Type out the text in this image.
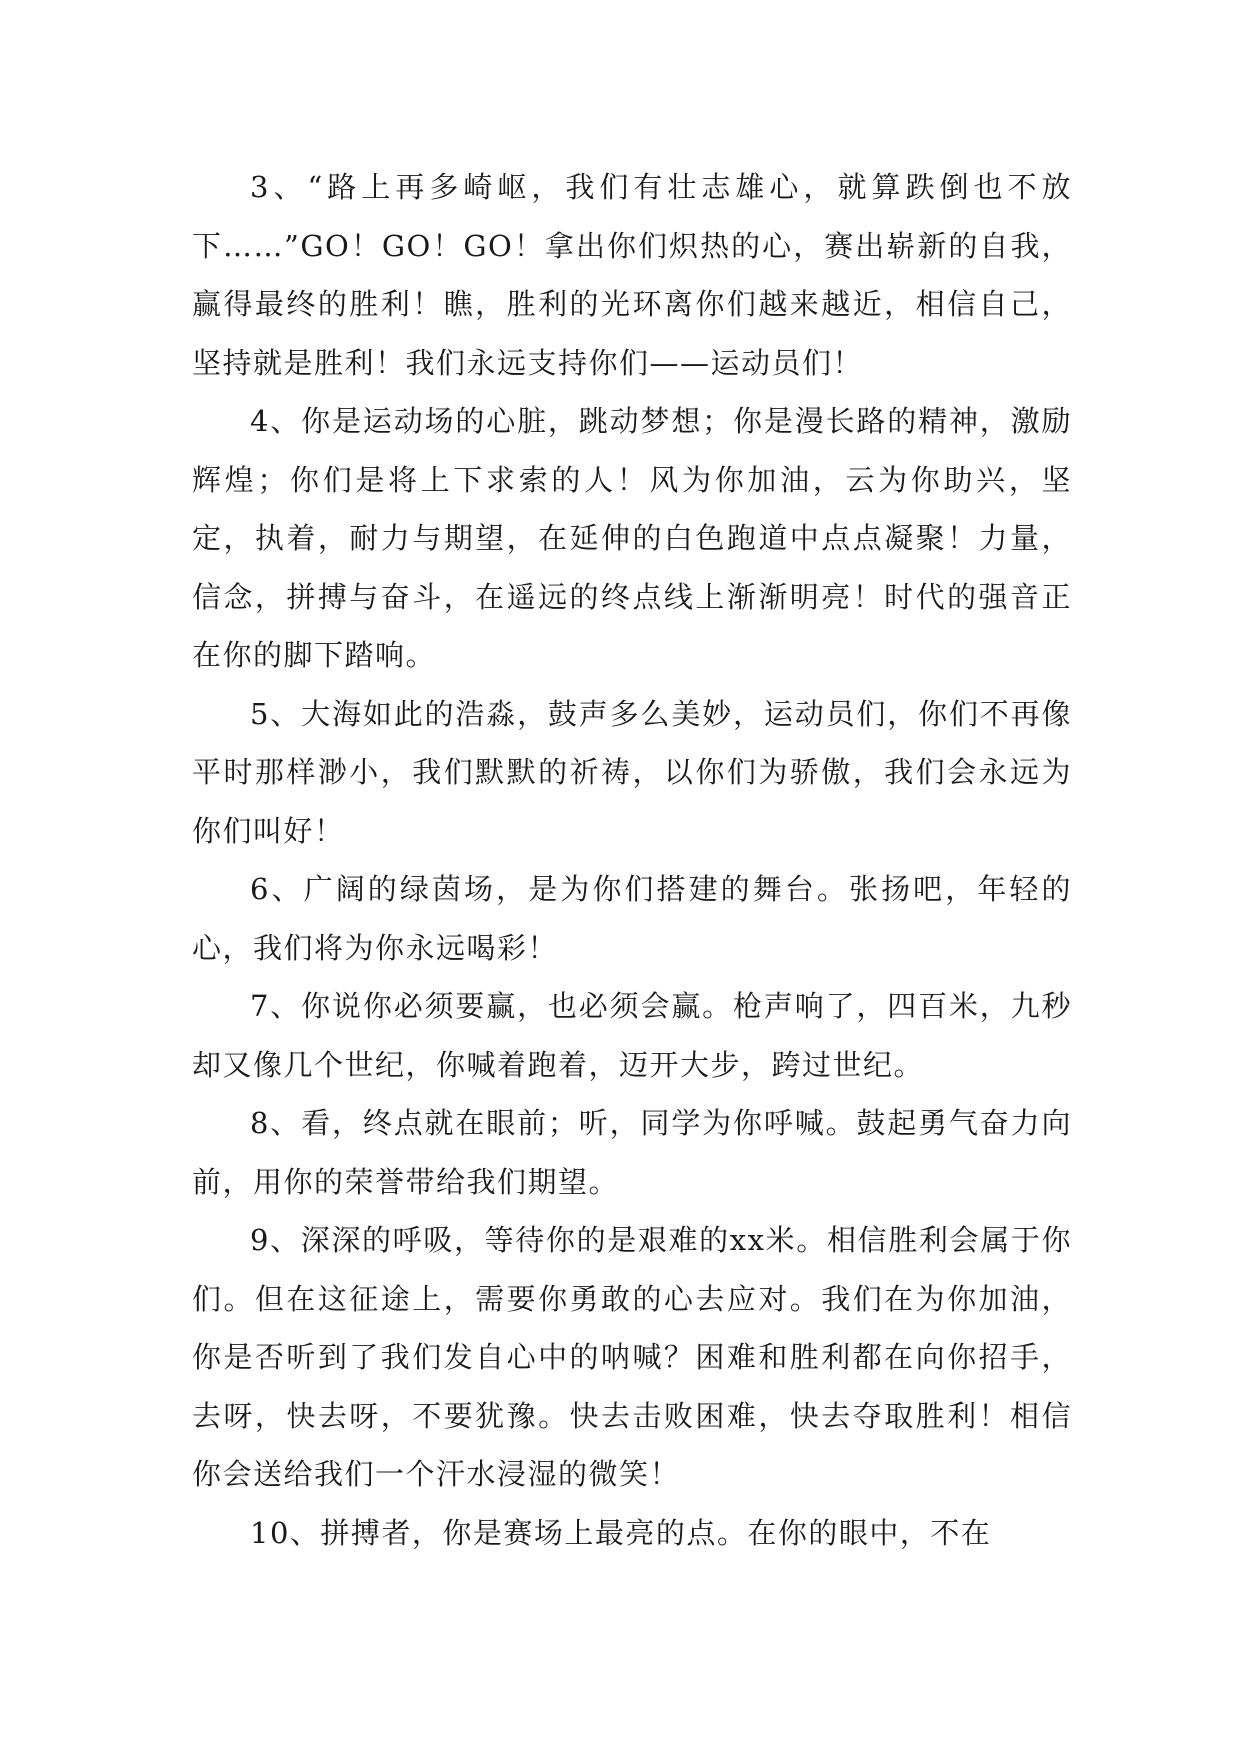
3、“路上再多崎岖，我们有壮志雄心，就算跌倒也不放下……”GO！GO！GO！拿出你们炽热的心，赛出崭新的自我，赢得最终的胜利！瞧，胜利的光环离你们越来越近，相信自己，坚持就是胜利！我们永远支持你们——运动员们！

4、你是运动场的心脏，跳动梦想；你是漫长路的精神，激励辉煌；你们是将上下求索的人！风为你加油，云为你助兴，坚定，执着，耐力与期望，在延伸的白色跑道中点点凝聚！力量，信念，拼搏与奋斗，在遥远的终点线上渐渐明亮！时代的强音正在你的脚下踏响。

5、大海如此的浩淼，鼓声多么美妙，运动员们，你们不再像平时那样渺小，我们默默的祈祷，以你们为骄傲，我们会永远为你们叫好！

6、广阔的绿茵场，是为你们搭建的舞台。张扬吧，年轻的心，我们将为你永远喝彩！

7、你说你必须要赢，也必须会赢。枪声响了，四百米，九秒却又像几个世纪，你喊着跑着，迈开大步，跨过世纪。

8、看，终点就在眼前；听，同学为你呼喊。鼓起勇气奋力向前，用你的荣誉带给我们期望。

9、深深的呼吸，等待你的是艰难的xx米。相信胜利会属于你们。但在这征途上，需要你勇敢的心去应对。我们在为你加油，你是否听到了我们发自心中的呐喊？困难和胜利都在向你招手，去呀，快去呀，不要犹豫。快去击败困难，快去夺取胜利！相信你会送给我们一个汗水浸湿的微笑！

10、拼搏者，你是赛场上最亮的点。在你的眼中，不在
